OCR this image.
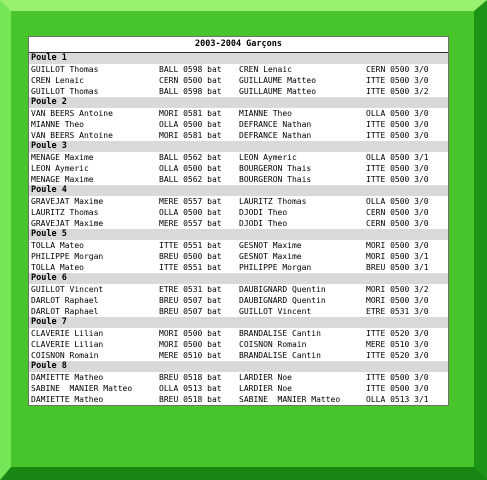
2003-2004 Garçons
Poule 1
GUILLOT Thomas	BALL 0598 bat CREN Lenaic	CERN 0500 3/0
CREN Lenaic	CERN 0500 bat GUILLAUME Matteo	ITTE 0500 3/0
GUILLOT Thomas	BALL 0598 bat GUILLAUME Matteo	ITTE 0500 3/2
Poule 2
VAN BEERS Antoine	MORI 0581 bat MIANNE Theo	OLLA 0500 3/0
MIANNE Theo	OLLA 0500 bat DEFRANCE Nathan	ITTE 0500 3/0
VAN BEERS Antoine	MORI 0581 bat DEFRANCE Nathan	ITTE 0500 3/0
Poule 3
MENAGE Maxime	BALL 0562 bat LEON Aymeric	OLLA 0500 3/1
LEON Aymeric	OLLA 0500 bat BOURGERON Thais	ITTE 0500 3/0
MENAGE Maxime	BALL 0562 bat BOURGERON Thais	ITTE 0500 3/0
Poule 4
GRAVEJAT Maxime	MERE 0557 bat LAURITZ Thomas	OLLA 0500 3/0
LAURITZ Thomas	OLLA 0500 bat DJODI Theo	CERN 0500 3/0
GRAVEJAT Maxime	MERE 0557 bat DJODI Theo	CERN 0500 3/0
Poule 5
TOLLA Mateo	ITTE 0551 bat GESNOT Maxime	MORI 0500 3/0
PHILIPPE Morgan	BREU 0500 bat GESNOT Maxime	MORI 0500 3/1
TOLLA Mateo	ITTE 0551 bat PHILIPPE Morgan	BREU 0500 3/1
Poule 6
GUILLOT Vincent	ETRE 0531 bat DAUBIGNARD Quentin	MORI 0500 3/2
DARLOT Raphael	BREU 0507 bat DAUBIGNARD Quentin	MORI 0500 3/0
DARLOT Raphael	BREU 0507 bat GUILLOT Vincent	ETRE 0531 3/0
Poule 7
CLAVERIE Lilian	MORI 0500 bat BRANDALISE Cantin	ITTE 0520 3/0
CLAVERIE Lilian	MORI 0500 bat COISNON Romain	MERE 0510 3/0
COISNON Romain	MERE 0510 bat BRANDALISE Cantin	ITTE 0520 3/0
Poule 8
DAMIETTE Matheo	BREU 0518 bat LARDIER Noe	ITTE 0500 3/0
SABINE  MANIER Matteo	OLLA 0513 bat LARDIER Noe	ITTE 0500 3/0
DAMIETTE Matheo	BREU 0518 bat SABINE  MANIER Matteo	OLLA 0513 3/1
